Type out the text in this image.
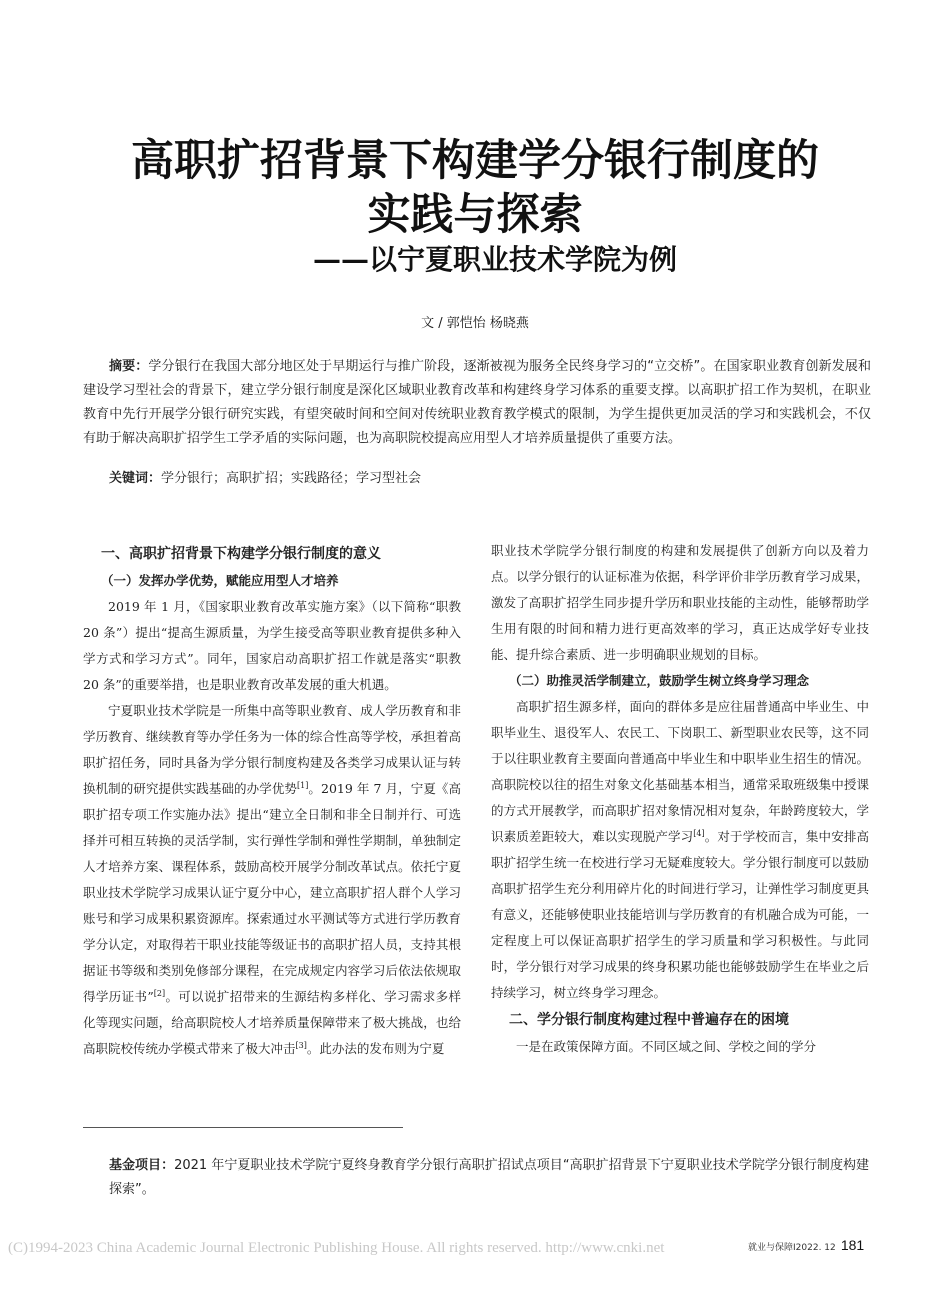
高职扩招背景下构建学分银行制度的
实践与探索
——以宁夏职业技术学院为例
文 / 郭恺怡 杨晓燕
摘要：学分银行在我国大部分地区处于早期运行与推广阶段，逐渐被视为服务全民终身学习的“立交桥”。在国家职业教育创新发展和建设学习型社会的背景下，建立学分银行制度是深化区域职业教育改革和构建终身学习体系的重要支撑。以高职扩招工作为契机，在职业教育中先行开展学分银行研究实践，有望突破时间和空间对传统职业教育教学模式的限制，为学生提供更加灵活的学习和实践机会，不仅有助于解决高职扩招学生工学矛盾的实际问题，也为高职院校提高应用型人才培养质量提供了重要方法。
关键词：学分银行；高职扩招；实践路径；学习型社会

一、高职扩招背景下构建学分银行制度的意义

（一）发挥办学优势，赋能应用型人才培养

2019 年 1 月，《国家职业教育改革实施方案》（以下简称“职教 20 条”）提出“提高生源质量，为学生接受高等职业教育提供多种入学方式和学习方式”。同年，国家启动高职扩招工作就是落实“职教 20 条”的重要举措，也是职业教育改革发展的重大机遇。

宁夏职业技术学院是一所集中高等职业教育、成人学历教育和非学历教育、继续教育等办学任务为一体的综合性高等学校，承担着高职扩招任务，同时具备为学分银行制度构建及各类学习成果认证与转换机制的研究提供实践基础的办学优势[1]。2019 年 7 月，宁夏《高职扩招专项工作实施办法》提出“建立全日制和非全日制并行、可选择并可相互转换的灵活学制，实行弹性学制和弹性学期制，单独制定人才培养方案、课程体系，鼓励高校开展学分制改革试点。依托宁夏职业技术学院学习成果认证宁夏分中心，建立高职扩招人群个人学习账号和学习成果积累资源库。探索通过水平测试等方式进行学历教育学分认定，对取得若干职业技能等级证书的高职扩招人员，支持其根据证书等级和类别免修部分课程，在完成规定内容学习后依法依规取得学历证书”[2]。可以说扩招带来的生源结构多样化、学习需求多样化等现实问题，给高职院校人才培养质量保障带来了极大挑战，也给高职院校传统办学模式带来了极大冲击[3]。此办法的发布则为宁夏

职业技术学院学分银行制度的构建和发展提供了创新方向以及着力点。以学分银行的认证标准为依据，科学评价非学历教育学习成果，激发了高职扩招学生同步提升学历和职业技能的主动性，能够帮助学生用有限的时间和精力进行更高效率的学习，真正达成学好专业技能、提升综合素质、进一步明确职业规划的目标。

（二）助推灵活学制建立，鼓励学生树立终身学习理念

高职扩招生源多样，面向的群体多是应往届普通高中毕业生、中职毕业生、退役军人、农民工、下岗职工、新型职业农民等，这不同于以往职业教育主要面向普通高中毕业生和中职毕业生招生的情况。高职院校以往的招生对象文化基础基本相当，通常采取班级集中授课的方式开展教学，而高职扩招对象情况相对复杂，年龄跨度较大，学识素质差距较大，难以实现脱产学习[4]。对于学校而言，集中安排高职扩招学生统一在校进行学习无疑难度较大。学分银行制度可以鼓励高职扩招学生充分利用碎片化的时间进行学习，让弹性学习制度更具有意义，还能够使职业技能培训与学历教育的有机融合成为可能，一定程度上可以保证高职扩招学生的学习质量和学习积极性。与此同时，学分银行对学习成果的终身积累功能也能够鼓励学生在毕业之后持续学习，树立终身学习理念。

二、学分银行制度构建过程中普遍存在的困境

一是在政策保障方面。不同区域之间、学校之间的学分

基金项目：2021 年宁夏职业技术学院宁夏终身教育学分银行高职扩招试点项目“高职扩招背景下宁夏职业技术学院学分银行制度构建探索”。
就业与保障I2022. 12 181
(C)1994-2023 China Academic Journal Electronic Publishing House. All rights reserved. http://www.cnki.net
